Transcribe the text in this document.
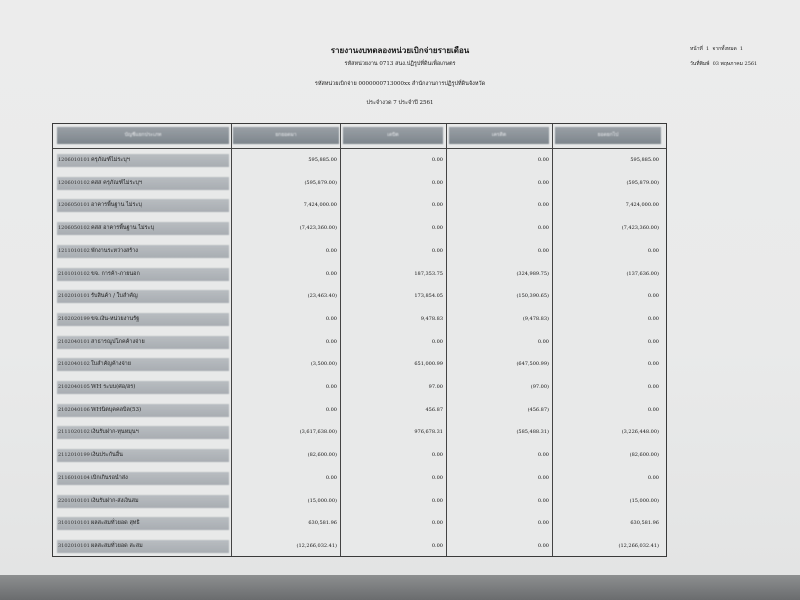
รายงานงบทดลองหน่วยเบิกจ่ายรายเดือน
รหัสหน่วยงาน 0713 สนง.ปฏิรูปที่ดินเพื่อเกษตร
รหัสหน่วยเบิกจ่าย 0000000713000xx สำนักงานการปฏิรูปที่ดินจังหวัด
ประจำงวด 7 ประจำปี 2561
หน้าที่ 1 จากทั้งหมด 1
วันที่พิมพ์ 03 พฤษภาคม 2561
บัญชีแยกประเภท	ยกยอดมา	เดบิต	เครดิต	ยอดยกไป
1206010101 ครุภัณฑ์ไม่ระบุฯ	595,885.00	0.00	0.00	595,885.00
1206010102 คสส ครุภัณฑ์ไม่ระบุฯ	(595,879.00)	0.00	0.00	(595,879.00)
1206050101 อาคารพื้นฐาน ไม่ระบุ	7,424,000.00	0.00	0.00	7,424,000.00
1206050102 คสส อาคารพื้นฐาน ไม่ระบุ	(7,423,360.00)	0.00	0.00	(7,423,360.00)
1211010102 พักงานระหว่างสร้าง	0.00	0.00	0.00	0.00
2101010102 ขจ. การค้า-ภายนอก	0.00	187,353.75	(324,989.75)	(137,636.00)
2102010101 รับสินค้า / ใบสำคัญ	(23,463.40)	173,854.05	(150,390.65)	0.00
2102020199 ขจ.เงิน-หน่วยงานรัฐ	0.00	9,478.83	(9,478.83)	0.00
2102040101 สาธารณูปโภคค้างจ่าย	0.00	0.00	0.00	0.00
2102040102 ใบสำคัญค้างจ่าย	(3,500.00)	651,000.99	(647,500.99)	0.00
2102040105 WH ระบบ(ศอ/ฮร)	0.00	97.00	(97.00)	0.00
2102040106 WHนิตบุคคลบิล(53)	0.00	456.87	(456.87)	0.00
2111020102 เงินรับฝาก-ทุนหมุนฯ	(3,617,638.00)	976,678.31	(585,488.31)	(3,226,448.00)
2112010199 เงินประกันอื่น	(82,600.00)	0.00	0.00	(82,600.00)
2116010104 เบิกเกินรอนำส่ง	0.00	0.00	0.00	0.00
2201010101 เงินรับฝาก-ส่งเงินสม	(15,000.00)	0.00	0.00	(15,000.00)
3101010101 ผลสะสมทั่วยอด สุทธิ	630,581.96	0.00	0.00	630,581.96
3102010101 ผลสะสมทั่วยอด สะสม	(12,266,032.41)	0.00	0.00	(12,266,032.41)
